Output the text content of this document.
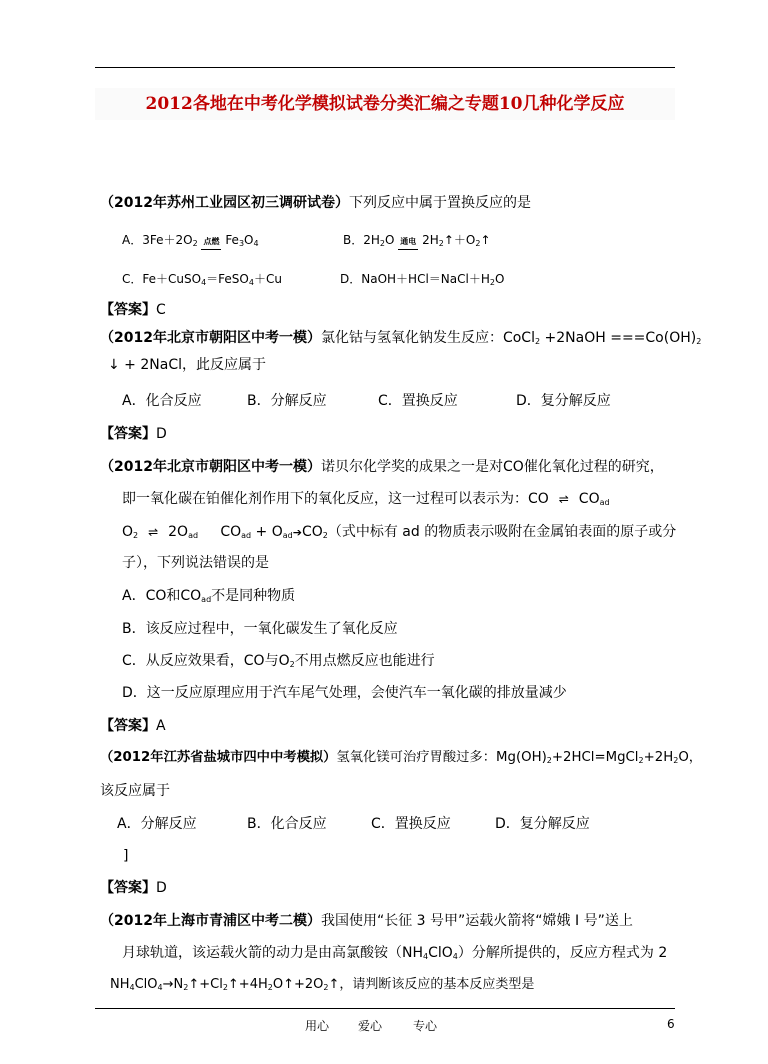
2012各地在中考化学模拟试卷分类汇编之专题10几种化学反应
（2012年苏州工业园区初三调研试卷）下列反应中属于置换反应的是
A．$3Fe+2O_2$ 点燃 $Fe_3O_4$	B．$2H_2O$ 通电 $2H_2↑+O_2↑$
C．Fe＋CuSO$_4$＝FeSO$_4$＋Cu	D．$NaOH+HCl=NaCl+H_2O$
【答案】C
（2012年北京市朝阳区中考一模）氯化钴与氢氧化钠发生反应：CoCl$_2$ +2NaOH $===Co(OH)_2$
↓ + 2NaCl，此反应属于
A．化合反应	B．分解反应	C．置换反应	D．复分解反应
【答案】D
（2012年北京市朝阳区中考一模）诺贝尔化学奖的成果之一是对CO催化氧化过程的研究，
即一氧化碳在铂催化剂作用下的氧化反应，这一过程可以表示为：CO ⇌ $CO_{ad}$
$O_2$ ⇌ $2O_{ad}$ $CO_{ad}$ + $O_{ad}➔CO_2$（式中标有 ad 的物质表示吸附在金属铂表面的原子或分
子），下列说法错误的是
A．CO和$CO_{ad}$不是同种物质
B．该反应过程中，一氧化碳发生了氧化反应
C．从反应效果看，CO与$O_2$不用点燃反应也能进行
D．这一反应原理应用于汽车尾气处理，会使汽车一氧化碳的排放量减少
【答案】A
（2012年江苏省盐城市四中中考模拟）氢氧化镁可治疗胃酸过多：$Mg(OH)_2+2HCl=MgCl_2+2H_2O$，
该反应属于
A．分解反应	B．化合反应	C．置换反应	D．复分解反应
]
【答案】D
（2012年上海市青浦区中考二模）我国使用“长征 3 号甲”运载火箭将“嫦娥 I 号”送上
月球轨道，该运载火箭的动力是由高氯酸铵$(NH_4ClO_4)$分解所提供的，反应方程式为 2
$NH_4ClO_4\to N_2↑+Cl_2↑+4H_2O↑+2O_2↑$，请判断该反应的基本反应类型是
用心 爱心	专心	6
